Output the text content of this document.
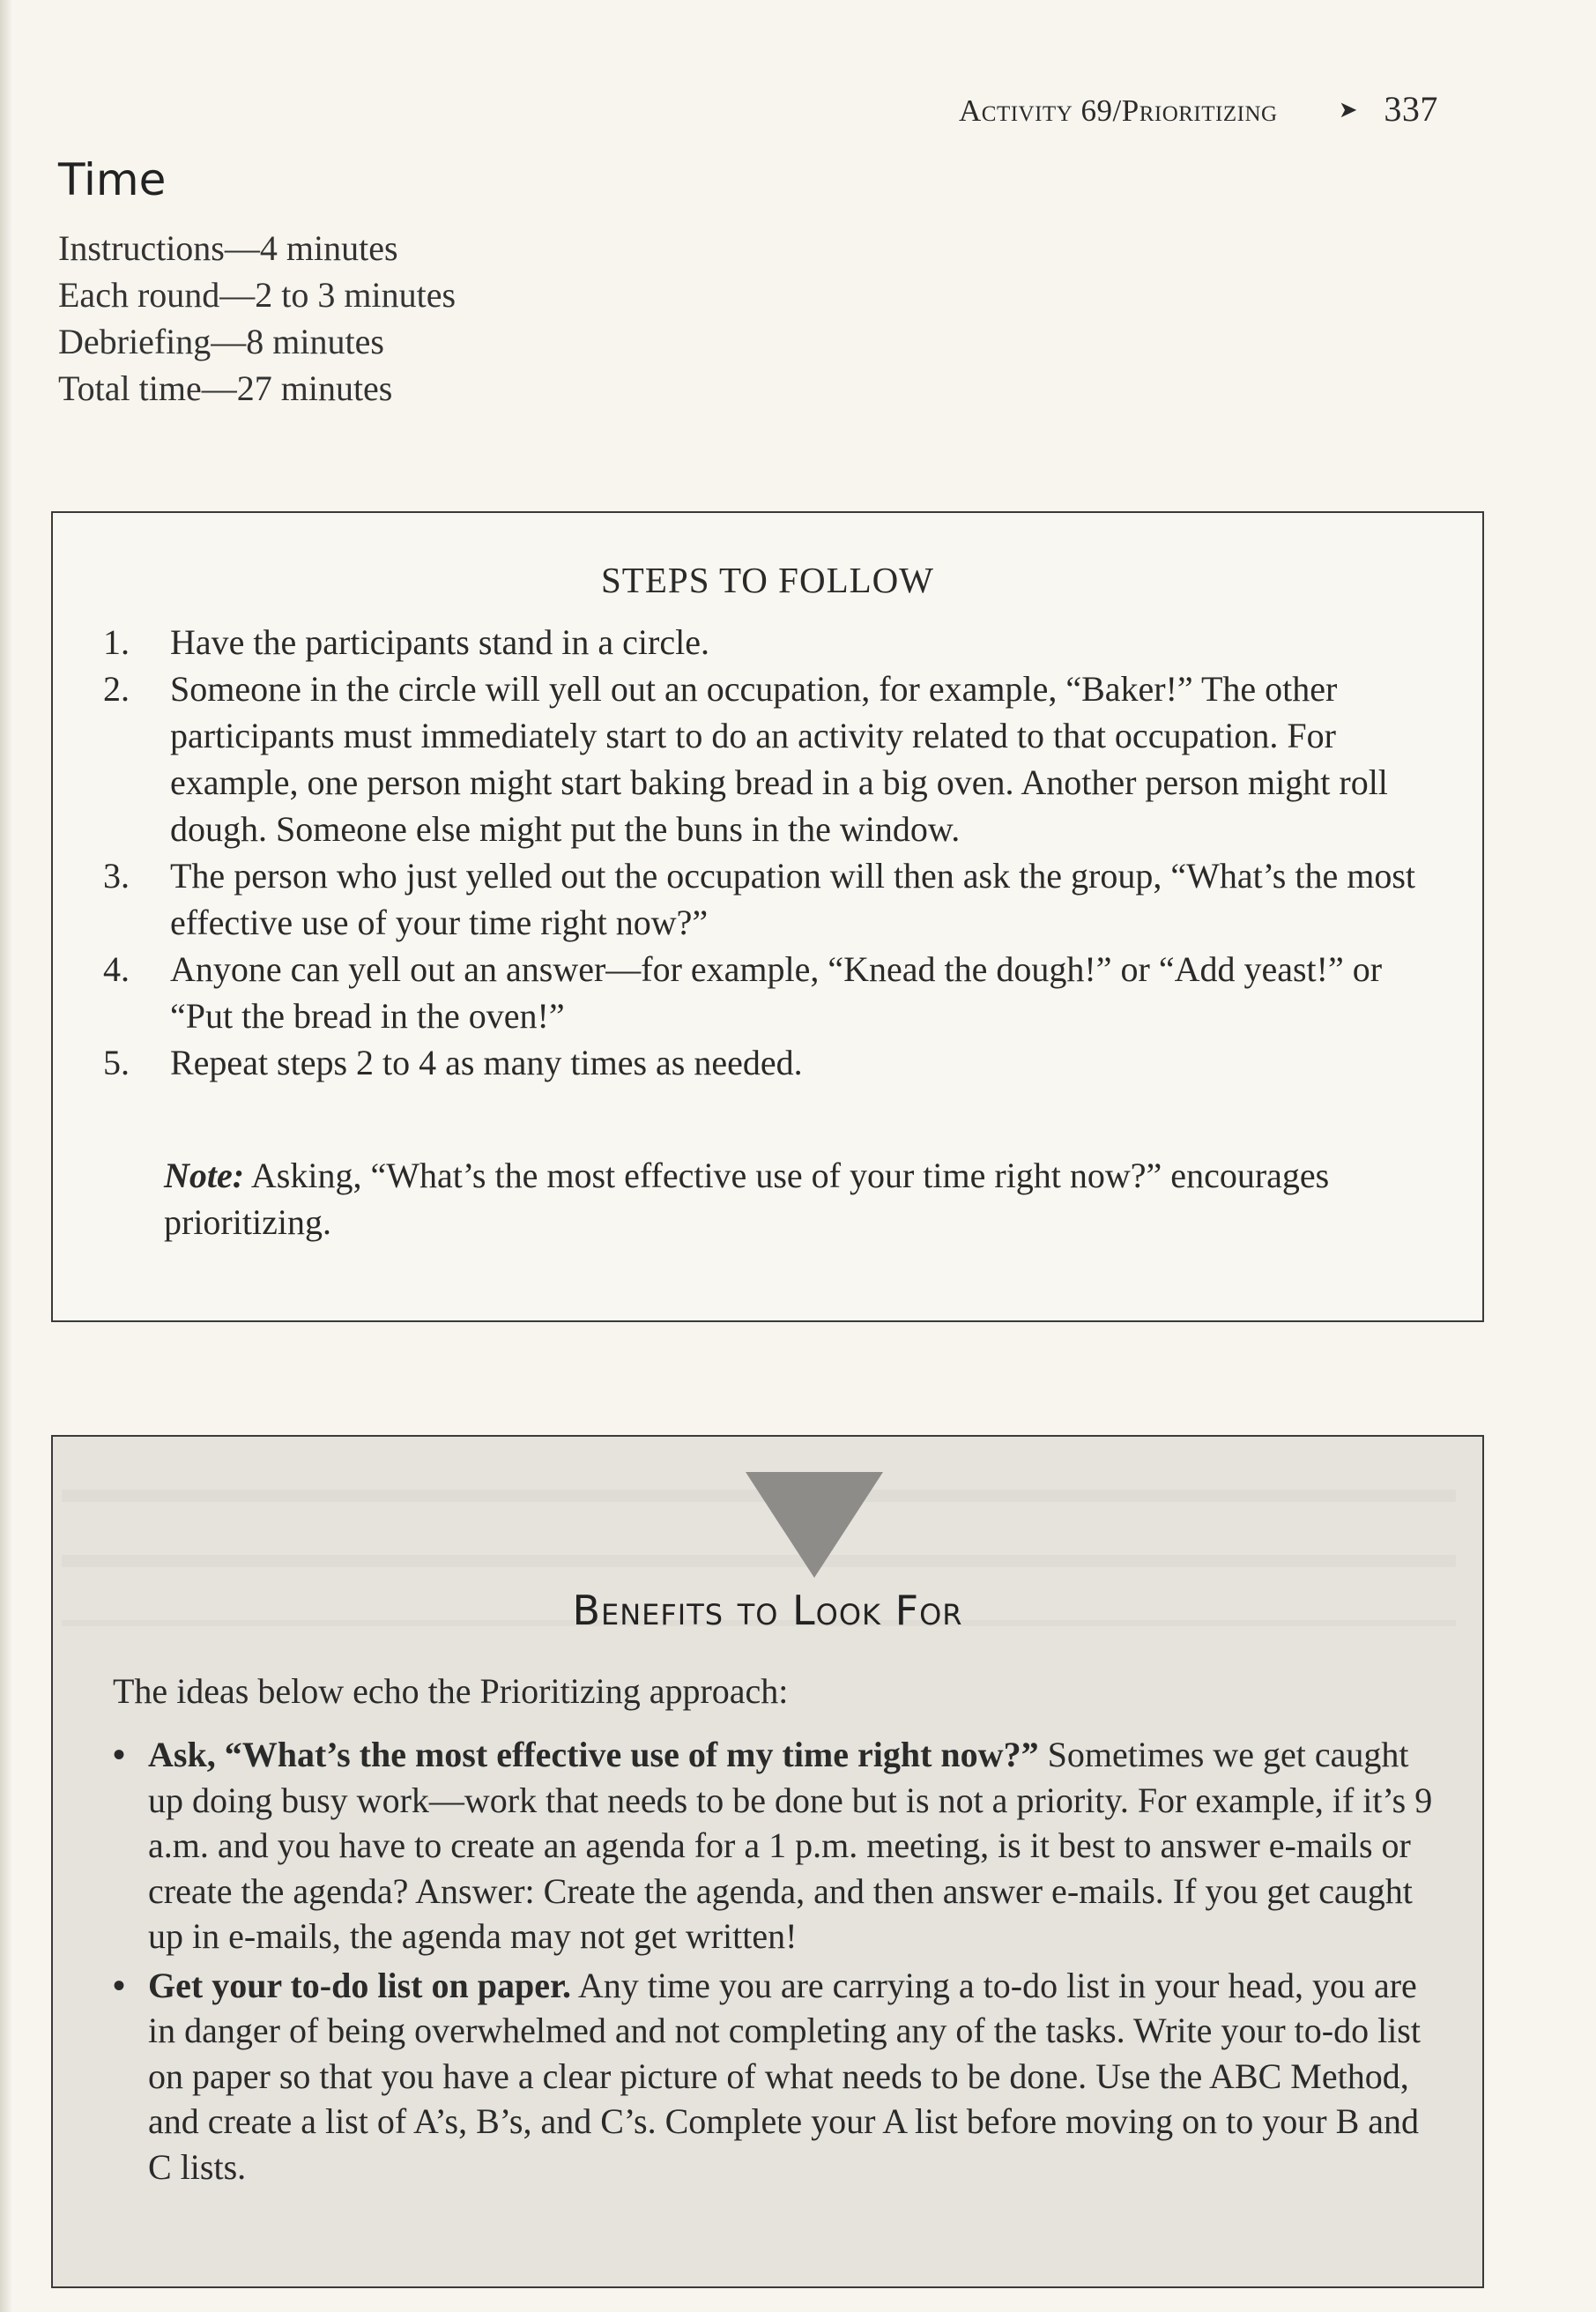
Activity 69/Prioritizing	➤ 337
Time

Instructions—4 minutes

Each round—2 to 3 minutes

Debriefing—8 minutes

Total time—27 minutes

STEPS TO FOLLOW
1. Have the participants stand in a circle.
2. Someone in the circle will yell out an occupation, for example, “Baker!” The other participants must immediately start to do an activity related to that occupation. For example, one person might start baking bread in a big oven. Another person might roll dough. Someone else might put the buns in the window.
3. The person who just yelled out the occupation will then ask the group, “What’s the most effective use of your time right now?”
4. Anyone can yell out an answer—for example, “Knead the dough!” or “Add yeast!” or “Put the bread in the oven!”
5. Repeat steps 2 to 4 as many times as needed.

Note: Asking, “What’s the most effective use of your time right now?” encourages prioritizing.

Benefits to Look For

The ideas below echo the Prioritizing approach:

• Ask, “What’s the most effective use of my time right now?” Sometimes we get caught up doing busy work—work that needs to be done but is not a priority. For example, if it’s 9 a.m. and you have to create an agenda for a 1 p.m. meeting, is it best to answer e-mails or create the agenda? Answer: Create the agenda, and then answer e-mails. If you get caught up in e-mails, the agenda may not get written!
• Get your to-do list on paper. Any time you are carrying a to-do list in your head, you are in danger of being overwhelmed and not completing any of the tasks. Write your to-do list on paper so that you have a clear picture of what needs to be done. Use the ABC Method, and create a list of A’s, B’s, and C’s. Complete your A list before moving on to your B and C lists.
